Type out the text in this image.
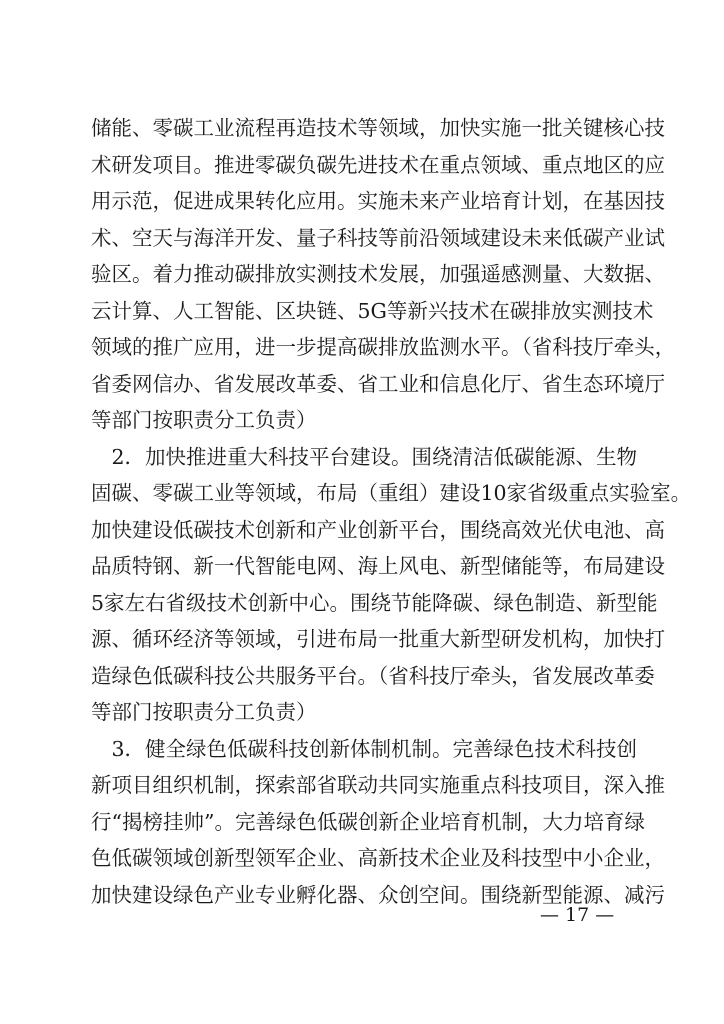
储能、零碳工业流程再造技术等领域，加快实施一批关键核心技
术研发项目。推进零碳负碳先进技术在重点领域、重点地区的应
用示范，促进成果转化应用。实施未来产业培育计划，在基因技
术、空天与海洋开发、量子科技等前沿领域建设未来低碳产业试
验区。着力推动碳排放实测技术发展，加强遥感测量、大数据、
云计算、人工智能、区块链、5G等新兴技术在碳排放实测技术
领域的推广应用，进一步提高碳排放监测水平。（省科技厅牵头，
省委网信办、省发展改革委、省工业和信息化厅、省生态环境厅
等部门按职责分工负责）
　2．加快推进重大科技平台建设。围绕清洁低碳能源、生物
固碳、零碳工业等领域，布局（重组）建设10家省级重点实验室。
加快建设低碳技术创新和产业创新平台，围绕高效光伏电池、高
品质特钢、新一代智能电网、海上风电、新型储能等，布局建设
5家左右省级技术创新中心。围绕节能降碳、绿色制造、新型能
源、循环经济等领域，引进布局一批重大新型研发机构，加快打
造绿色低碳科技公共服务平台。（省科技厅牵头，省发展改革委
等部门按职责分工负责）
　3．健全绿色低碳科技创新体制机制。完善绿色技术科技创
新项目组织机制，探索部省联动共同实施重点科技项目，深入推
行“揭榜挂帅”。完善绿色低碳创新企业培育机制，大力培育绿
色低碳领域创新型领军企业、高新技术企业及科技型中小企业，
加快建设绿色产业专业孵化器、众创空间。围绕新型能源、减污
— 17 —
